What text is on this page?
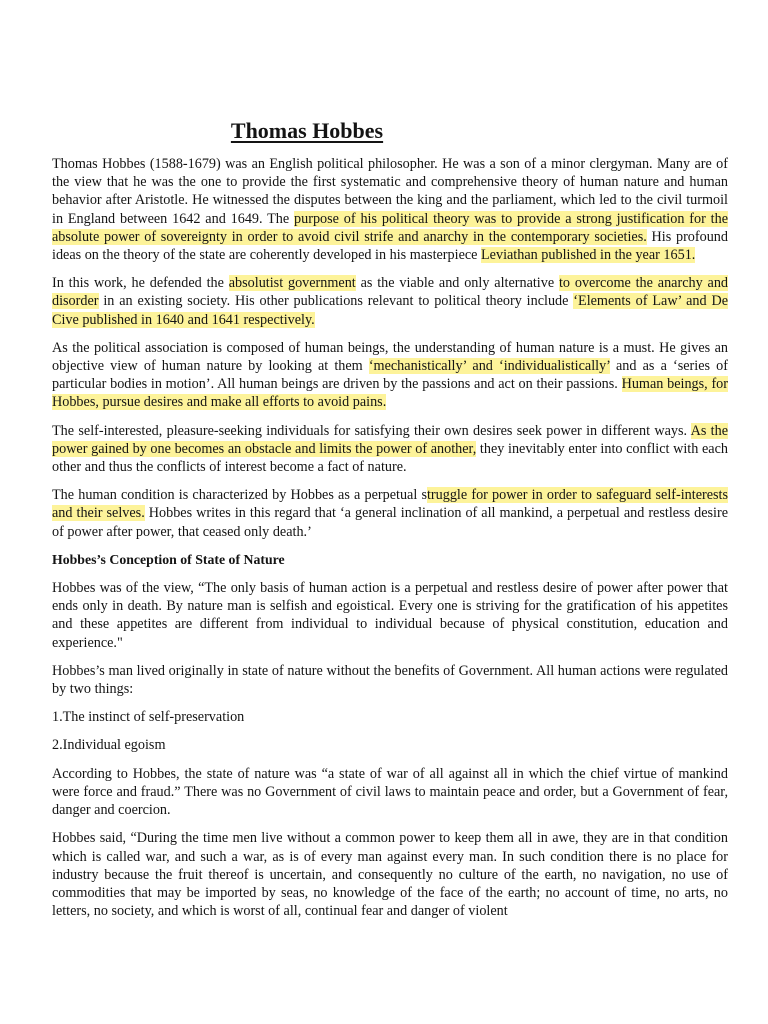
Thomas Hobbes

Thomas Hobbes (1588-1679) was an English political philosopher. He was a son of a minor clergyman. Many are of the view that he was the one to provide the first systematic and comprehensive theory of human nature and human behavior after Aristotle. He witnessed the disputes between the king and the parliament, which led to the civil turmoil in England between 1642 and 1649. The purpose of his political theory was to provide a strong justification for the absolute power of sovereignty in order to avoid civil strife and anarchy in the contemporary societies. His profound ideas on the theory of the state are coherently developed in his masterpiece Leviathan published in the year 1651.

In this work, he defended the absolutist government as the viable and only alternative to overcome the anarchy and disorder in an existing society. His other publications relevant to political theory include ‘Elements of Law’ and De Cive published in 1640 and 1641 respectively.

As the political association is composed of human beings, the understanding of human nature is a must. He gives an objective view of human nature by looking at them ‘mechanistically’ and ‘individualistically’ and as a ‘series of particular bodies in motion’. All human beings are driven by the passions and act on their passions. Human beings, for Hobbes, pursue desires and make all efforts to avoid pains.

The self-interested, pleasure-seeking individuals for satisfying their own desires seek power in different ways. As the power gained by one becomes an obstacle and limits the power of another, they inevitably enter into conflict with each other and thus the conflicts of interest become a fact of nature.

The human condition is characterized by Hobbes as a perpetual struggle for power in order to safeguard self-interests and their selves. Hobbes writes in this regard that ‘a general inclination of all mankind, a perpetual and restless desire of power after power, that ceased only death.’

Hobbes’s Conception of State of Nature

Hobbes was of the view, “The only basis of human action is a perpetual and restless desire of power after power that ends only in death. By nature man is selfish and egoistical. Every one is striving for the gratification of his appetites and these appetites are different from individual to individual because of physical constitution, education and experience."

Hobbes’s man lived originally in state of nature without the benefits of Government. All human actions were regulated by two things:

1.The instinct of self-preservation

2.Individual egoism

According to Hobbes, the state of nature was “a state of war of all against all in which the chief virtue of mankind were force and fraud.” There was no Government of civil laws to maintain peace and order, but a Government of fear, danger and coercion.

Hobbes said, “During the time men live without a common power to keep them all in awe, they are in that condition which is called war, and such a war, as is of every man against every man. In such condition there is no place for industry because the fruit thereof is uncertain, and consequently no culture of the earth, no navigation, no use of commodities that may be imported by seas, no knowledge of the face of the earth; no account of time, no arts, no letters, no society, and which is worst of all, continual fear and danger of violent
